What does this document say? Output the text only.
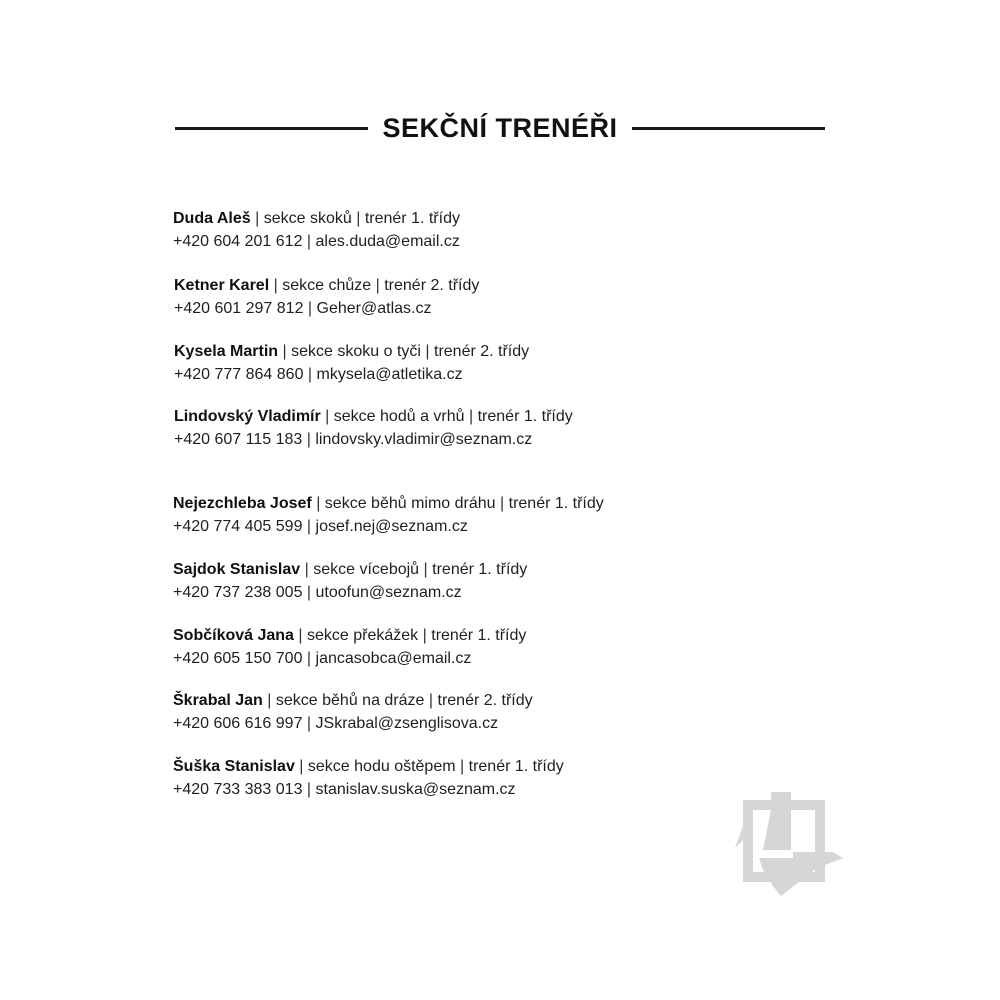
SEKČNÍ TRENÉŘI
Duda Aleš | sekce skoků | trenér 1. třídy
+420 604 201 612 | ales.duda@email.cz
Ketner Karel | sekce chůze | trenér 2. třídy
+420 601 297 812 | Geher@atlas.cz
Kysela Martin | sekce skoku o tyči | trenér 2. třídy
+420 777 864 860 | mkysela@atletika.cz
Lindovský Vladimír | sekce hodů a vrhů | trenér 1. třídy
+420 607 115 183 | lindovsky.vladimir@seznam.cz
Nejezchleba Josef | sekce běhů mimo dráhu | trenér 1. třídy
+420 774 405 599 | josef.nej@seznam.cz
Sajdok Stanislav | sekce vícebojů | trenér 1. třídy
+420 737 238 005 | utoofun@seznam.cz
Sobčíková Jana | sekce překážek | trenér 1. třídy
+420 605 150 700 | jancasobca@email.cz
Škrabal Jan | sekce běhů na dráze | trenér 2. třídy
+420 606 616 997 | JSkrabal@zsenglisova.cz
Šuška Stanislav | sekce hodu oštěpem | trenér 1. třídy
+420 733 383 013 | stanislav.suska@seznam.cz
